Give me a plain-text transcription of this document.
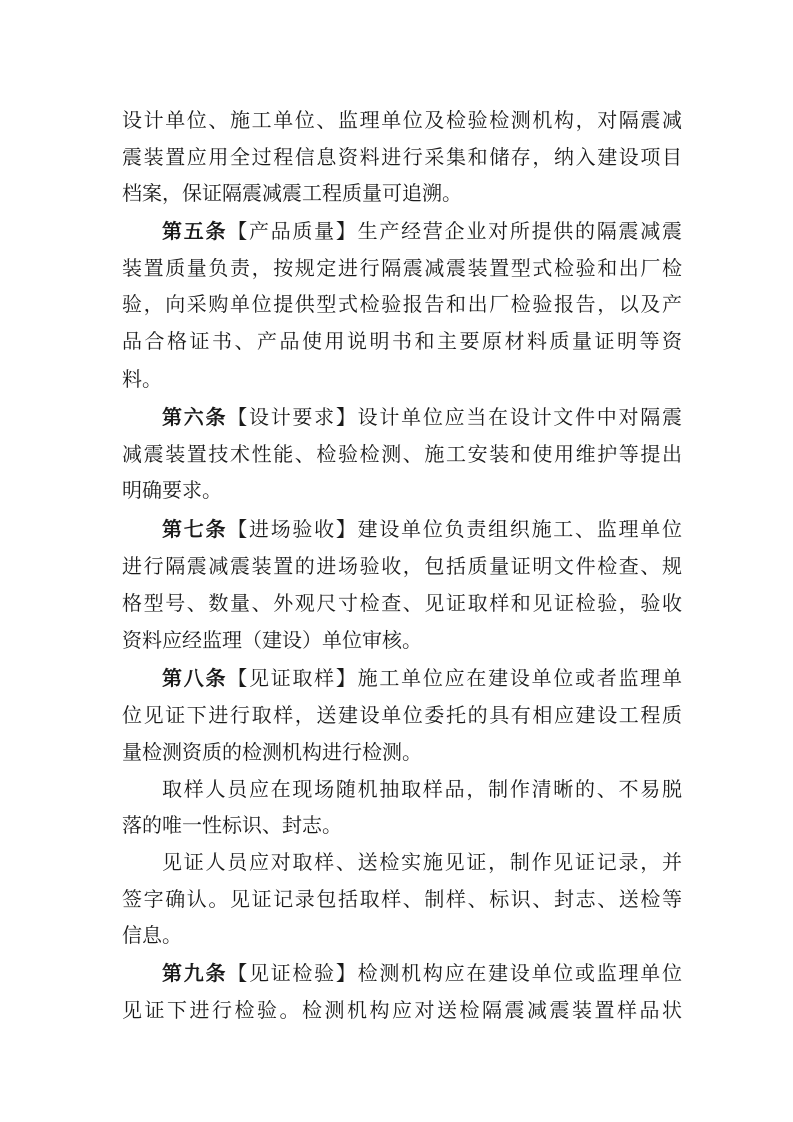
设计单位、施工单位、监理单位及检验检测机构，对隔震减
震装置应用全过程信息资料进行采集和储存，纳入建设项目
档案，保证隔震减震工程质量可追溯。
第五条【产品质量】生产经营企业对所提供的隔震减震
装置质量负责，按规定进行隔震减震装置型式检验和出厂检
验，向采购单位提供型式检验报告和出厂检验报告，以及产
品合格证书、产品使用说明书和主要原材料质量证明等资
料。
第六条【设计要求】设计单位应当在设计文件中对隔震
减震装置技术性能、检验检测、施工安装和使用维护等提出
明确要求。
第七条【进场验收】建设单位负责组织施工、监理单位
进行隔震减震装置的进场验收，包括质量证明文件检查、规
格型号、数量、外观尺寸检查、见证取样和见证检验，验收
资料应经监理（建设）单位审核。
第八条【见证取样】施工单位应在建设单位或者监理单
位见证下进行取样，送建设单位委托的具有相应建设工程质
量检测资质的检测机构进行检测。
取样人员应在现场随机抽取样品，制作清晰的、不易脱
落的唯一性标识、封志。
见证人员应对取样、送检实施见证，制作见证记录，并
签字确认。见证记录包括取样、制样、标识、封志、送检等
信息。
第九条【见证检验】检测机构应在建设单位或监理单位
见证下进行检验。检测机构应对送检隔震减震装置样品状
